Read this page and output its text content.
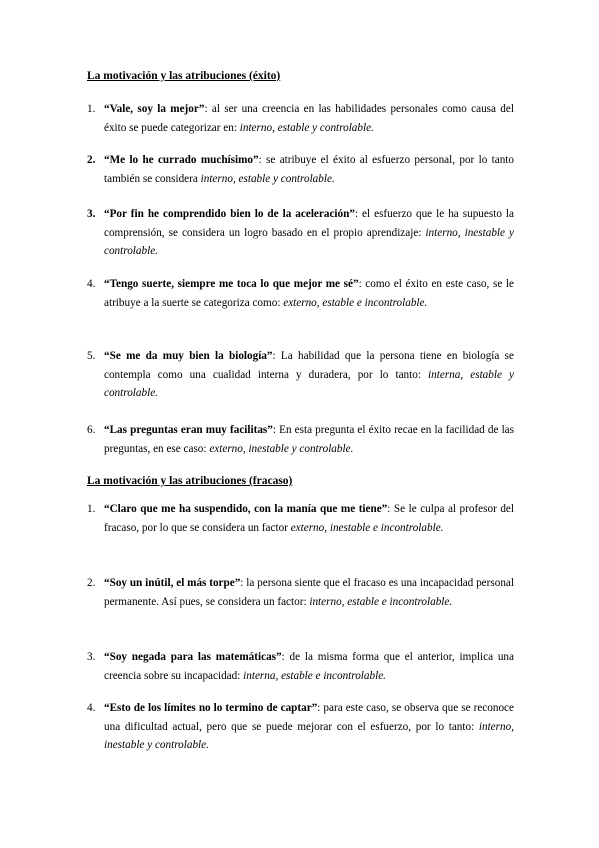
La motivación y las atribuciones (éxito)
1. “Vale, soy la mejor”: al ser una creencia en las habilidades personales como causa del éxito se puede categorizar en: interno, estable y controlable.

2. “Me lo he currado muchísimo”: se atribuye el éxito al esfuerzo personal, por lo tanto también se considera interno, estable y controlable.

3. “Por fin he comprendido bien lo de la aceleración”: el esfuerzo que le ha supuesto la comprensión, se considera un logro basado en el propio aprendizaje: interno, inestable y controlable.

4. “Tengo suerte, siempre me toca lo que mejor me sé”: como el éxito en este caso, se le atribuye a la suerte se categoriza como: externo, estable e incontrolable.

5. “Se me da muy bien la biología”: La habilidad que la persona tiene en biología se contempla como una cualidad interna y duradera, por lo tanto: interna, estable y controlable.

6. “Las preguntas eran muy facilitas”: En esta pregunta el éxito recae en la facilidad de las preguntas, en ese caso: externo, inestable y controlable.

La motivación y las atribuciones (fracaso)
1. “Claro que me ha suspendido, con la manía que me tiene”: Se le culpa al profesor del fracaso, por lo que se considera un factor externo, inestable e incontrolable.

2. “Soy un inútil, el más torpe”: la persona siente que el fracaso es una incapacidad personal permanente. Así pues, se considera un factor: interno, estable e incontrolable.

3. “Soy negada para las matemáticas”: de la misma forma que el anterior, implica una creencia sobre su incapacidad: interna, estable e incontrolable.

4. “Esto de los límites no lo termino de captar”: para este caso, se observa que se reconoce una dificultad actual, pero que se puede mejorar con el esfuerzo, por lo tanto: interno, inestable y controlable.
